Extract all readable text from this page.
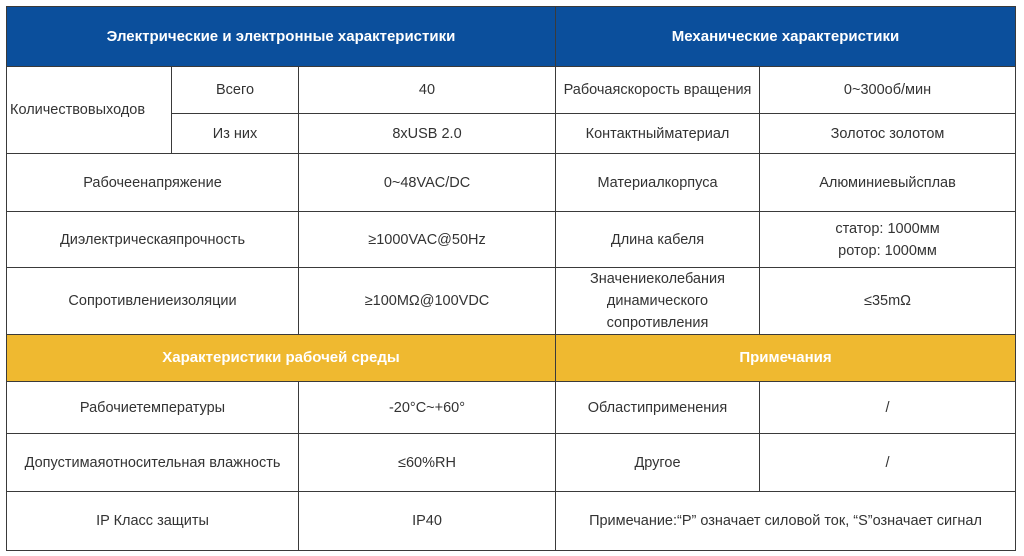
Электрические и электронные характеристики			Механические характеристики	
Количествовыходов	Всего	40	Рабочаяскорость вращения	0~300об/мин
	Из них	8xUSB 2.0	Контактныйматериал	Золотос золотом
Рабочеенапряжение		0~48VAC/DC	Материалкорпуса	Алюминиевыйсплав
Диэлектрическаяпрочность		≥1000VAC@50Hz	Длина кабеля	статор: 1000мм
ротор: 1000мм

Сопротивлениеизоляции		≥100MΩ@100VDC	Значениеколебания динамического сопротивления	≤35mΩ
Характеристики рабочей среды			Примечания	
Рабочиетемпературы		-20°C~+60°	Областиприменения	/
Допустимаяотносительная влажность		≤60%RH	Другое	/
IP Класс защиты		IP40	Примечание:“P” означает силовой ток, “S”означает сигнал	
